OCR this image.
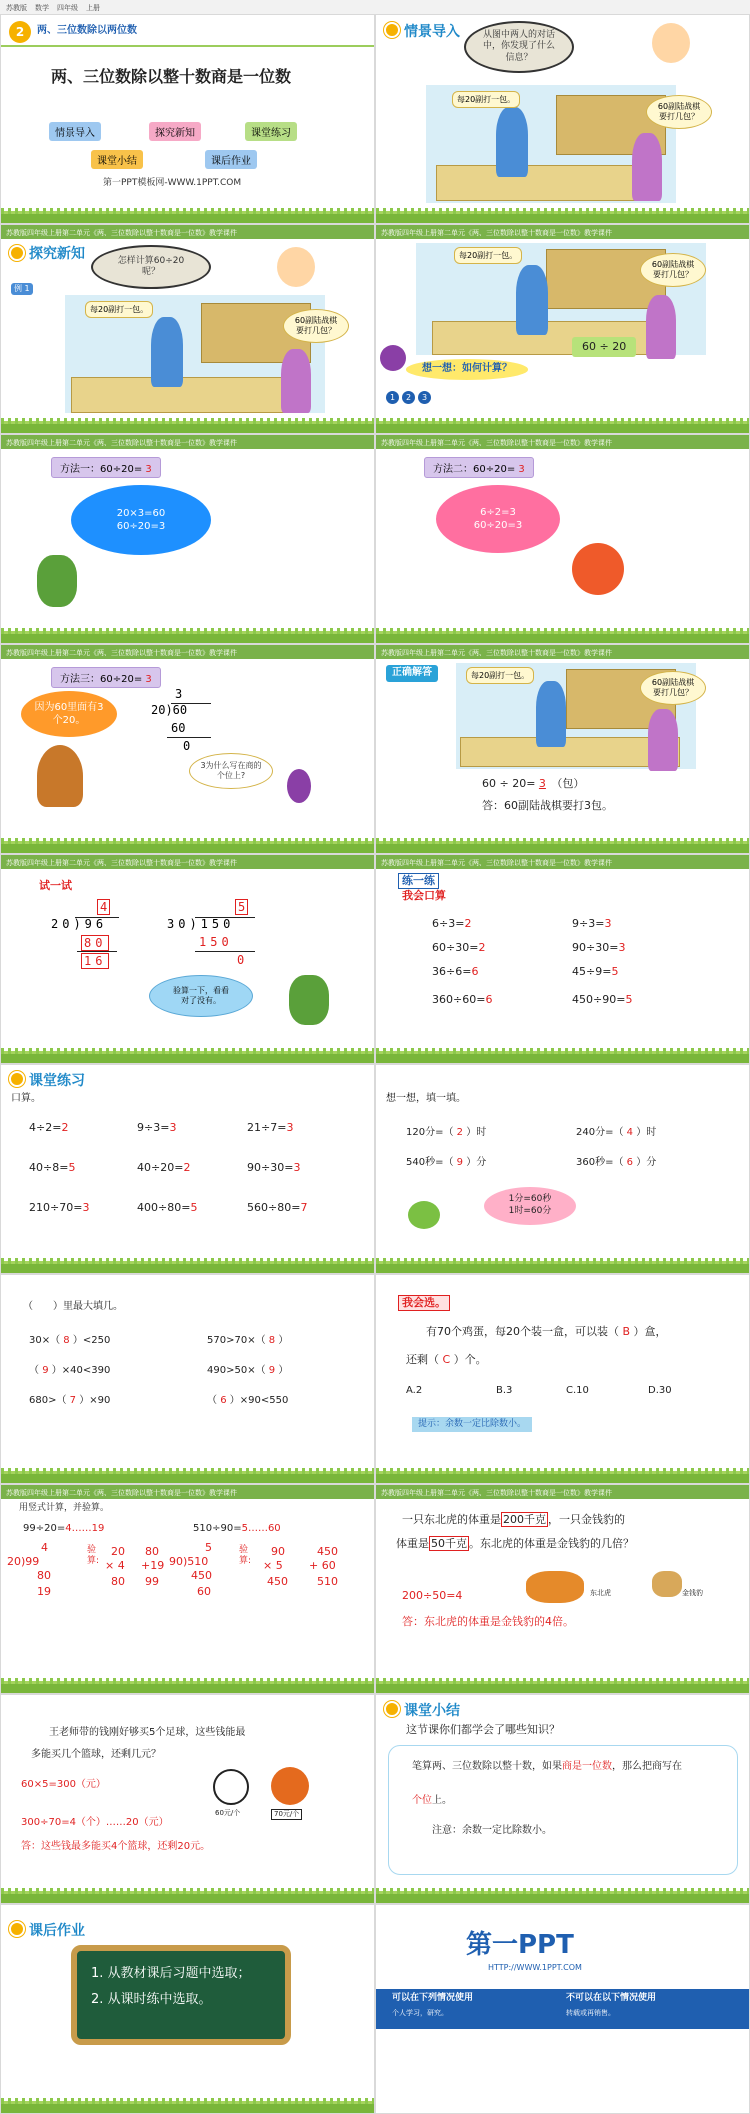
苏教版 数学 四年级 上册
2	两、三位数除以两位数
两、三位数除以整十数商是一位数
情景导入	探究新知	课堂练习
课堂小结	课后作业
第一PPT模板网-WWW.1PPT.COM
情景导入	从图中两人的对话中，你发现了什么信息？
每20副打一包。
60副陆战棋要打几包？
苏教版四年级上册第二单元《两、三位数除以整十数商是一位数》教学课件
探究新知
例 1
怎样计算60÷20呢？
每20副打一包。
60副陆战棋要打几包？
苏教版四年级上册第二单元《两、三位数除以整十数商是一位数》教学课件
每20副打一包。
60副陆战棋要打几包？
60 ÷ 20
想一想：如何计算？
1	2	3
苏教版四年级上册第二单元《两、三位数除以整十数商是一位数》教学课件
方法一：60÷20= 3
20×3=60
60÷20=3
苏教版四年级上册第二单元《两、三位数除以整十数商是一位数》教学课件
方法二：60÷20= 3
6÷2=3
60÷20=3
苏教版四年级上册第二单元《两、三位数除以整十数商是一位数》教学课件
方法三：60÷20= 3
因为60里面有3个20。
3
20)60
60
0
3为什么写在商的个位上?
苏教版四年级上册第二单元《两、三位数除以整十数商是一位数》教学课件
正确解答	每20副打一包。
60副陆战棋要打几包？
60 ÷ 20= 3　 （包）
答：60副陆战棋要打3包。
苏教版四年级上册第二单元《两、三位数除以整十数商是一位数》教学课件
试一试
4
20)96
80
16
5
30)150
150
0
验算一下，看看对了没有。
苏教版四年级上册第二单元《两、三位数除以整十数商是一位数》教学课件
练一练
我会口算
6÷3=2	9÷3=3
60÷30=2	90÷30=3
36÷6=6	45÷9=5
360÷60=6	450÷90=5
课堂练习
口算。
4÷2=2	9÷3=3	21÷7=3
40÷8=5	40÷20=2	90÷30=3
210÷70=3	400÷80=5	560÷80=7
想一想，填一填。
120分=（ 2 ）时	240分=（ 4 ）时
540秒=（ 9 ）分	360秒=（ 6 ）分
1分=60秒
1时=60分
（　　）里最大填几。
30×（ 8 ）<250	570>70×（ 8 ）
（ 9 ）×40<390	490>50×（ 9 ）
680>（ 7 ）×90	（ 6 ）×90<550
我会选。
有70个鸡蛋，每20个装一盒，可以装（ B ）盒，
还剩（ C ）个。
A.2	B.3	C.10	D.30
提示：余数一定比除数小。
苏教版四年级上册第二单元《两、三位数除以整十数商是一位数》教学课件
用竖式计算，并验算。
99÷20=4……19	510÷90=5……60
4
20)99
80
19
验
算:
20
× 4
80
80
+19
99
5
90)510
450
60
验
算:
90
× 5
450
450
+ 60
510
苏教版四年级上册第二单元《两、三位数除以整十数商是一位数》教学课件
一只东北虎的体重是 200千克 ，一只金钱豹的
体重是 50千克 。东北虎的体重是金钱豹的几倍？
东北虎	金钱豹
200÷50=4
答：东北虎的体重是金钱豹的4倍。
王老师带的钱刚好够买5个足球，这些钱能最
多能买几个篮球，还剩几元？
60×5=300（元）
60元/个	70元/个
300÷70=4（个）……20（元）
答：这些钱最多能买4个篮球，还剩20元。
课堂小结
这节课你们都学会了哪些知识？
笔算两、三位数除以整十数，如果商是一位数，那么把商写在
个位上。
注意：余数一定比除数小。
课后作业
1. 从教材课后习题中选取；
2. 从课时练中选取。
第一PPT
HTTP://WWW.1PPT.COM
可以在下列情况使用	不可以在以下情况使用
个人学习，研究。	转载或再销售。
